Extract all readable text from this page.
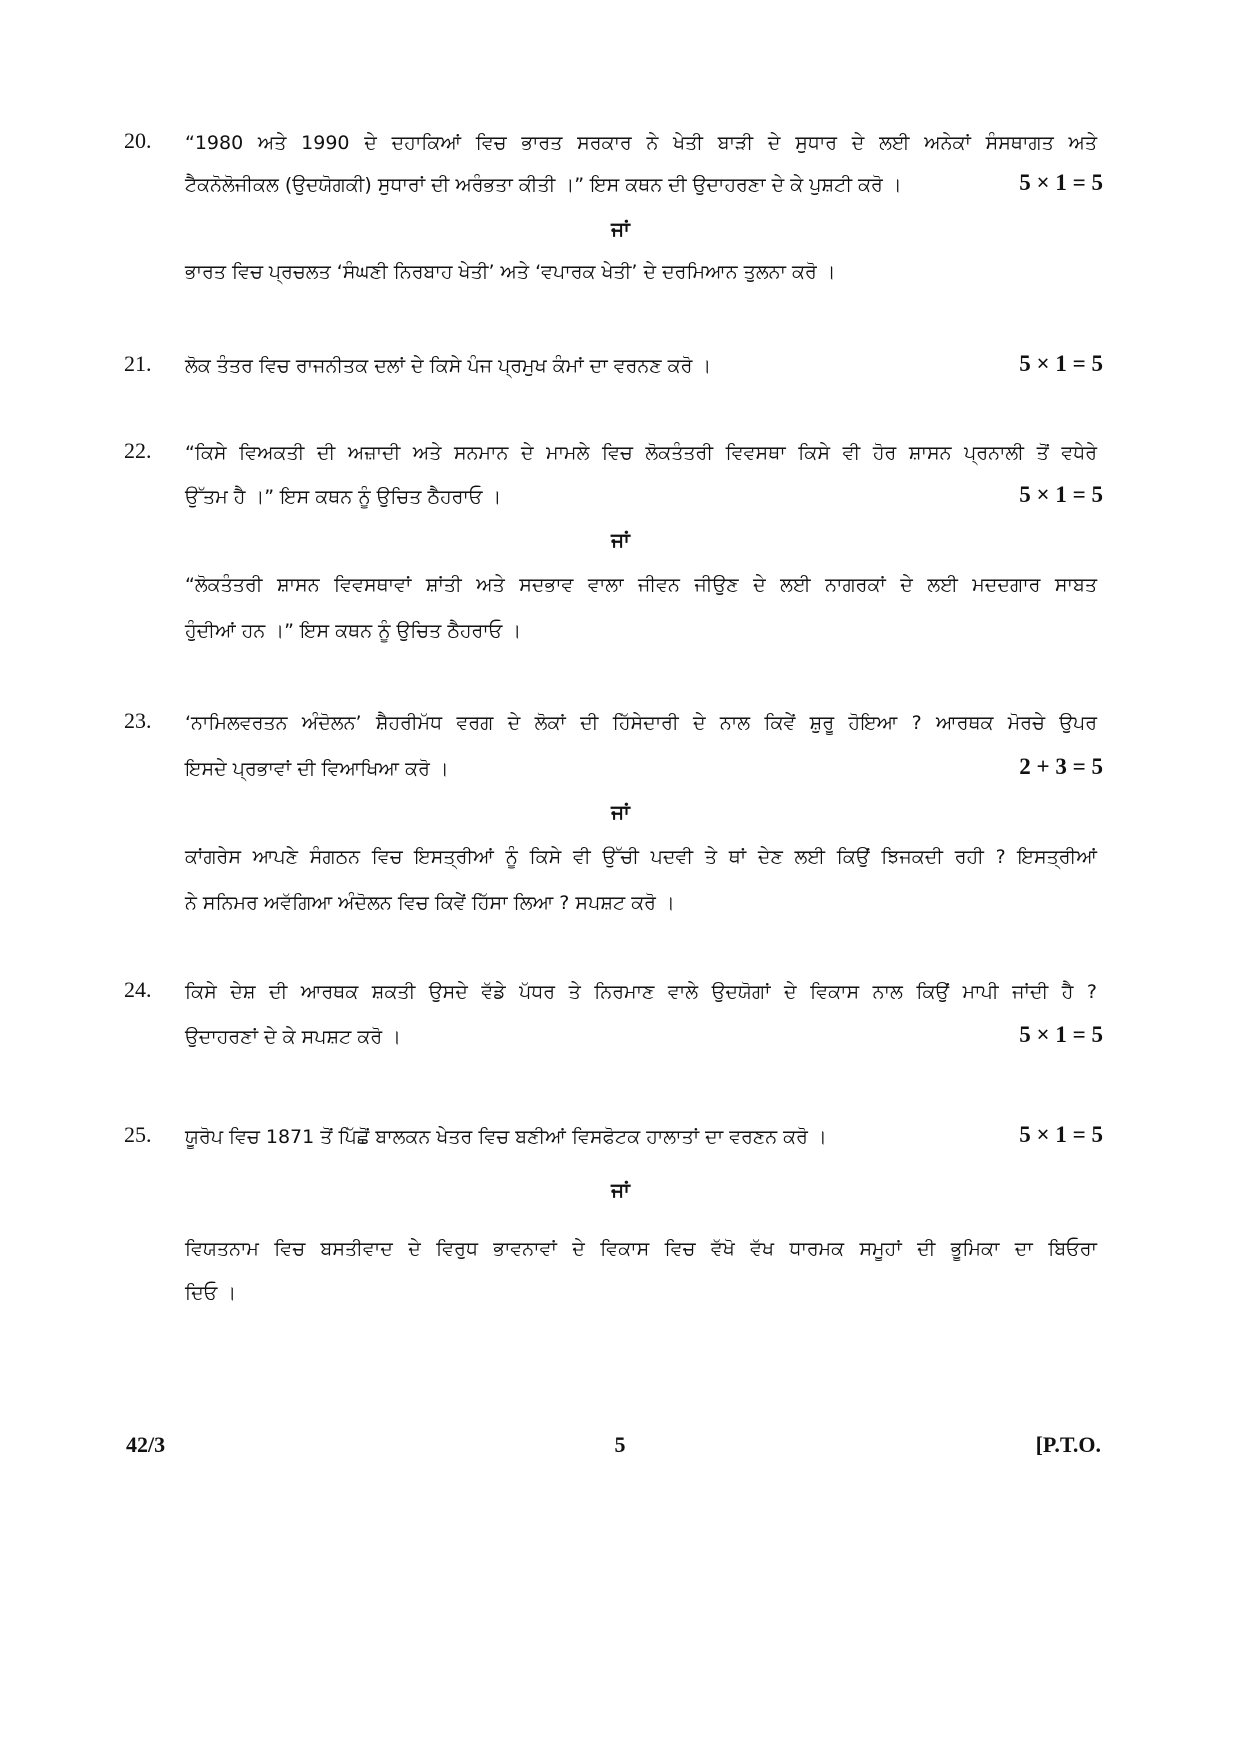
20.	“1980 ਅਤੇ 1990 ਦੇ ਦਹਾਕਿਆਂ ਵਿਚ ਭਾਰਤ ਸਰਕਾਰ ਨੇ ਖੇਤੀ ਬਾੜੀ ਦੇ ਸੁਧਾਰ ਦੇ ਲਈ ਅਨੇਕਾਂ ਸੰਸਥਾਗਤ ਅਤੇ
ਟੈਕਨੋਲੋਜੀਕਲ (ਉਦਯੋਗਕੀ) ਸੁਧਾਰਾਂ ਦੀ ਅਰੰਭਤਾ ਕੀਤੀ ।” ਇਸ ਕਥਨ ਦੀ ਉਦਾਹਰਣਾ ਦੇ ਕੇ ਪੁਸ਼ਟੀ ਕਰੋ ।	5 × 1 = 5
ਜਾਂ
ਭਾਰਤ ਵਿਚ ਪ੍ਰਚਲਤ ‘ਸੰਘਣੀ ਨਿਰਬਾਹ ਖੇਤੀ’ ਅਤੇ ‘ਵਪਾਰਕ ਖੇਤੀ’ ਦੇ ਦਰਮਿਆਨ ਤੁਲਨਾ ਕਰੋ ।
21.	ਲੋਕ ਤੰਤਰ ਵਿਚ ਰਾਜਨੀਤਕ ਦਲਾਂ ਦੇ ਕਿਸੇ ਪੰਜ ਪ੍ਰਮੁਖ ਕੰਮਾਂ ਦਾ ਵਰਨਣ ਕਰੋ ।	5 × 1 = 5
22.	“ਕਿਸੇ ਵਿਅਕਤੀ ਦੀ ਅਜ਼ਾਦੀ ਅਤੇ ਸਨਮਾਨ ਦੇ ਮਾਮਲੇ ਵਿਚ ਲੋਕਤੰਤਰੀ ਵਿਵਸਥਾ ਕਿਸੇ ਵੀ ਹੋਰ ਸ਼ਾਸਨ ਪ੍ਰਨਾਲੀ ਤੋਂ ਵਧੇਰੇ
ਉੱਤਮ ਹੈ ।” ਇਸ ਕਥਨ ਨੂੰ ਉਚਿਤ ਠੈਹਰਾਓ ।	5 × 1 = 5
ਜਾਂ
“ਲੋਕਤੰਤਰੀ ਸ਼ਾਸਨ ਵਿਵਸਥਾਵਾਂ ਸ਼ਾਂਤੀ ਅਤੇ ਸਦਭਾਵ ਵਾਲਾ ਜੀਵਨ ਜੀਉਣ ਦੇ ਲਈ ਨਾਗਰਕਾਂ ਦੇ ਲਈ ਮਦਦਗਾਰ ਸਾਬਤ
ਹੁੰਦੀਆਂ ਹਨ ।” ਇਸ ਕਥਨ ਨੂੰ ਉਚਿਤ ਠੈਹਰਾਓ ।
23.	‘ਨਾਮਿਲਵਰਤਨ ਅੰਦੋਲਨ’ ਸ਼ੈਹਰੀਮੱਧ ਵਰਗ ਦੇ ਲੋਕਾਂ ਦੀ ਹਿੱਸੇਦਾਰੀ ਦੇ ਨਾਲ ਕਿਵੇਂ ਸ਼ੁਰੂ ਹੋਇਆ ? ਆਰਥਕ ਮੋਰਚੇ ਉਪਰ
ਇਸਦੇ ਪ੍ਰਭਾਵਾਂ ਦੀ ਵਿਆਖਿਆ ਕਰੋ ।	2 + 3 = 5
ਜਾਂ
ਕਾਂਗਰੇਸ ਆਪਣੇ ਸੰਗਠਨ ਵਿਚ ਇਸਤ੍ਰੀਆਂ ਨੂੰ ਕਿਸੇ ਵੀ ਉੱਚੀ ਪਦਵੀ ਤੇ ਥਾਂ ਦੇਣ ਲਈ ਕਿਉਂ ਝਿਜਕਦੀ ਰਹੀ ? ਇਸਤ੍ਰੀਆਂ
ਨੇ ਸਨਿਮਰ ਅਵੱਗਿਆ ਅੰਦੋਲਨ ਵਿਚ ਕਿਵੇਂ ਹਿੱਸਾ ਲਿਆ ? ਸਪਸ਼ਟ ਕਰੋ ।
24.	ਕਿਸੇ ਦੇਸ਼ ਦੀ ਆਰਥਕ ਸ਼ਕਤੀ ਉਸਦੇ ਵੱਡੇ ਪੱਧਰ ਤੇ ਨਿਰਮਾਣ ਵਾਲੇ ਉਦਯੋਗਾਂ ਦੇ ਵਿਕਾਸ ਨਾਲ ਕਿਉਂ ਮਾਪੀ ਜਾਂਦੀ ਹੈ ?
ਉਦਾਹਰਣਾਂ ਦੇ ਕੇ ਸਪਸ਼ਟ ਕਰੋ ।	5 × 1 = 5
25.	ਯੂਰੋਪ ਵਿਚ 1871 ਤੋਂ ਪਿੱਛੋਂ ਬਾਲਕਨ ਖੇਤਰ ਵਿਚ ਬਣੀਆਂ ਵਿਸਫੋਟਕ ਹਾਲਾਤਾਂ ਦਾ ਵਰਣਨ ਕਰੋ ।	5 × 1 = 5
ਜਾਂ
ਵਿਯਤਨਾਮ ਵਿਚ ਬਸਤੀਵਾਦ ਦੇ ਵਿਰੁਧ ਭਾਵਨਾਵਾਂ ਦੇ ਵਿਕਾਸ ਵਿਚ ਵੱਖੋ ਵੱਖ ਧਾਰਮਕ ਸਮੂਹਾਂ ਦੀ ਭੂਮਿਕਾ ਦਾ ਬਿਓਰਾ
ਦਿਓ ।
42/3	5	[P.T.O.
